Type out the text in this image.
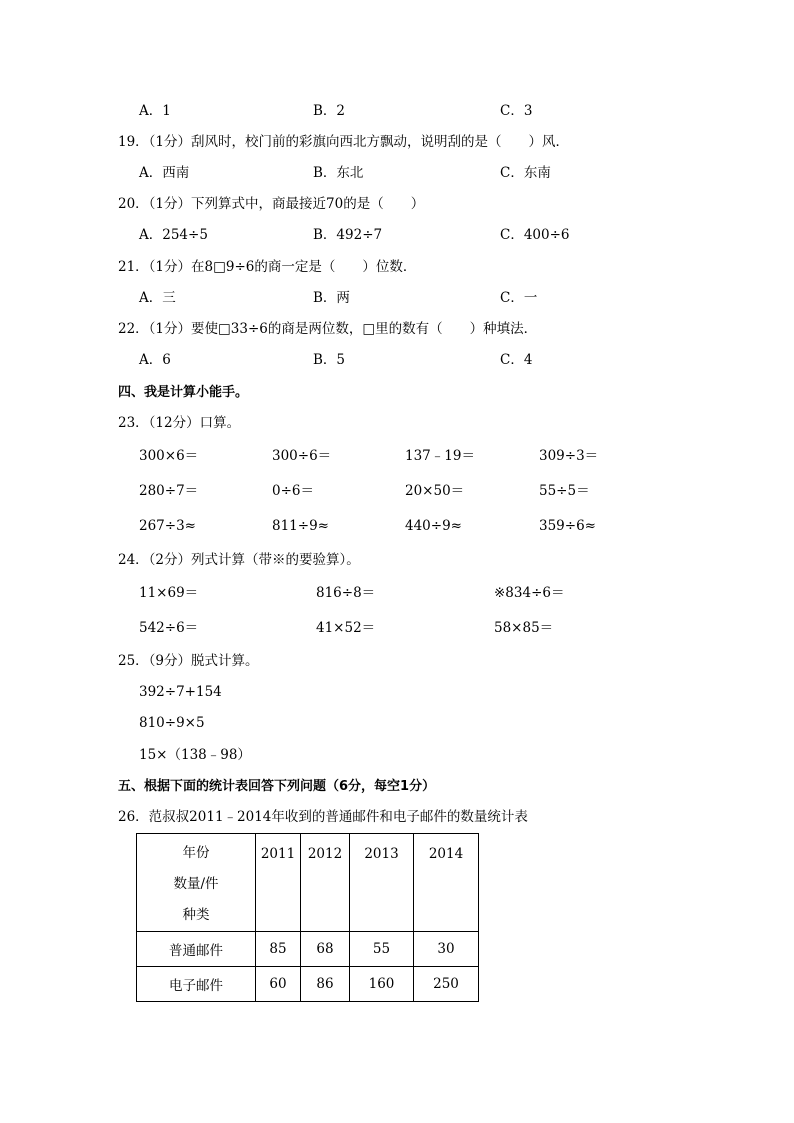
A．1	B．2	C．3
19．（1分）刮风时，校门前的彩旗向西北方飘动，说明刮的是（　　）风．
A．西南	B．东北	C．东南
20．（1分）下列算式中，商最接近70的是（　　）
A．254÷5	B．492÷7	C．400÷6
21．（1分）在8□9÷6的商一定是（　　）位数．
A．三	B．两	C．一
22．（1分）要使□33÷6的商是两位数，□里的数有（　　）种填法．
A．6	B．5	C．4
四、我是计算小能手。
23．（12分）口算。
300×6＝	300÷6＝	137﹣19＝	309÷3＝
280÷7＝	0÷6＝	20×50＝	55÷5＝
267÷3≈	811÷9≈	440÷9≈	359÷6≈
24．（2分）列式计算（带※的要验算）。
11×69＝	816÷8＝	※834÷6＝
542÷6＝	41×52＝	58×85＝
25．（9分）脱式计算。
392÷7+154
810÷9×5
15×（138﹣98）
五、根据下面的统计表回答下列问题（6分，每空1分）
26．范叔叔2011﹣2014年收到的普通邮件和电子邮件的数量统计表
年份
数量/件
种类	2011	2012	2013	2014
普通邮件	85	68	55	30
电子邮件	60	86	160	250
